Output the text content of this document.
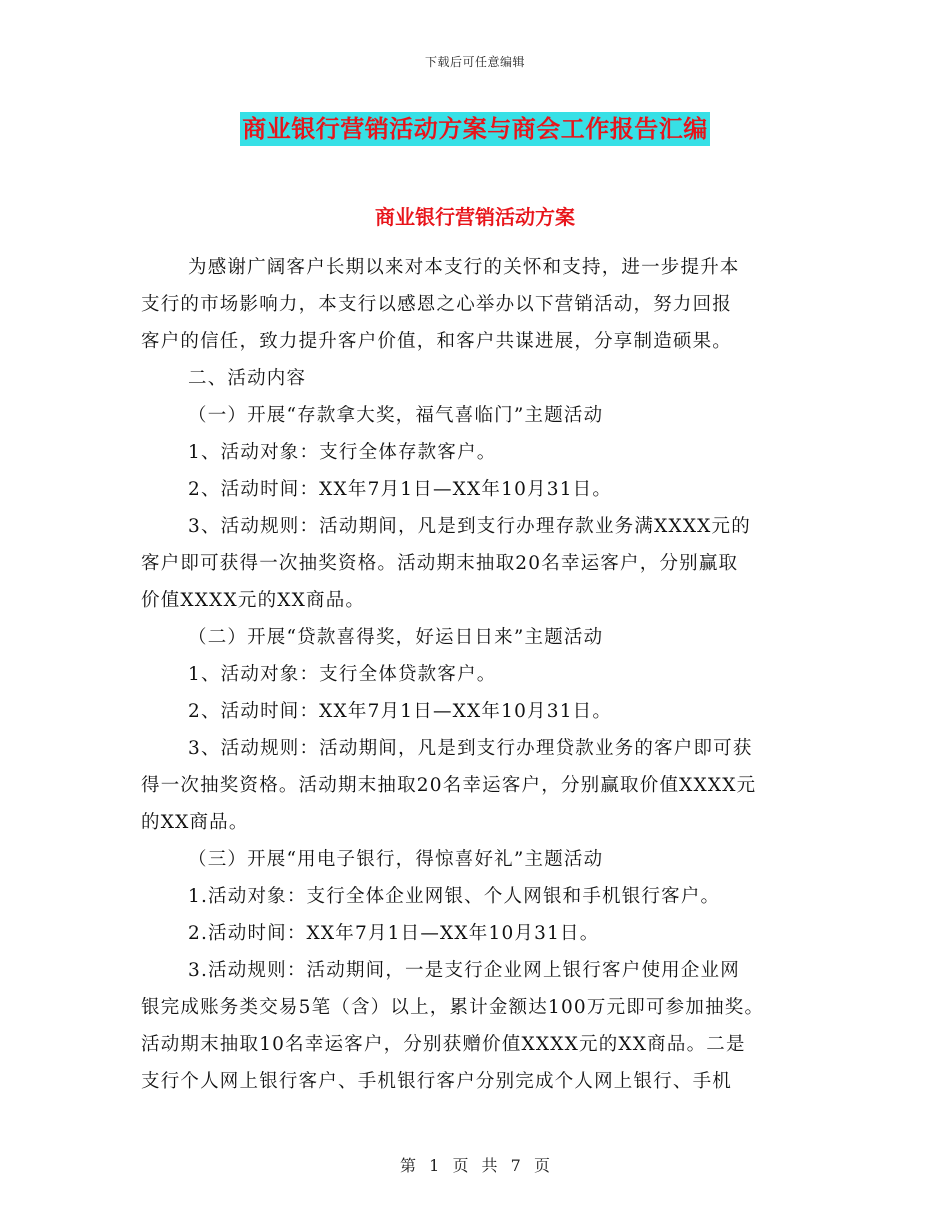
下载后可任意编辑
商业银行营销活动方案与商会工作报告汇编
商业银行营销活动方案
为感谢广阔客户长期以来对本支行的关怀和支持，进一步提升本
支行的市场影响力，本支行以感恩之心举办以下营销活动，努力回报
客户的信任，致力提升客户价值，和客户共谋进展，分享制造硕果。
二、活动内容
（一）开展“存款拿大奖，福气喜临门”主题活动
1、活动对象：支行全体存款客户。
2、活动时间：XX年7月1日—XX年10月31日。
3、活动规则：活动期间，凡是到支行办理存款业务满XXXX元的
客户即可获得一次抽奖资格。活动期末抽取20名幸运客户，分别赢取
价值XXXX元的XX商品。
（二）开展“贷款喜得奖，好运日日来”主题活动
1、活动对象：支行全体贷款客户。
2、活动时间：XX年7月1日—XX年10月31日。
3、活动规则：活动期间，凡是到支行办理贷款业务的客户即可获
得一次抽奖资格。活动期末抽取20名幸运客户，分别赢取价值XXXX元
的XX商品。
（三）开展“用电子银行，得惊喜好礼”主题活动
1.活动对象：支行全体企业网银、个人网银和手机银行客户。
2.活动时间：XX年7月1日—XX年10月31日。
3.活动规则：活动期间，一是支行企业网上银行客户使用企业网
银完成账务类交易5笔（含）以上，累计金额达100万元即可参加抽奖。
活动期末抽取10名幸运客户，分别获赠价值XXXX元的XX商品。二是
支行个人网上银行客户、手机银行客户分别完成个人网上银行、手机
第 1 页 共 7 页
